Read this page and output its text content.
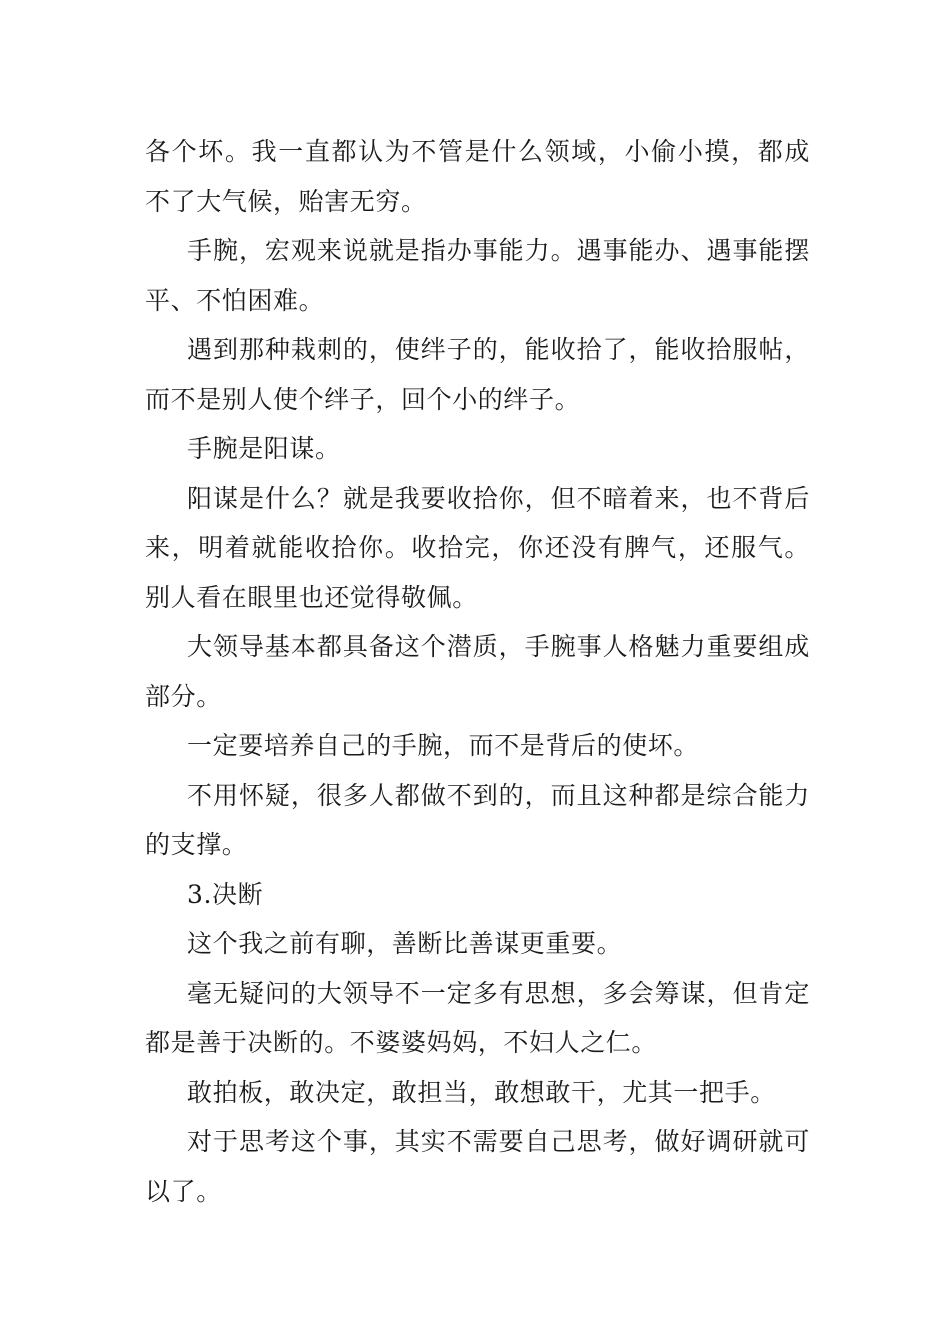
各个坏。我一直都认为不管是什么领域，小偷小摸，都成不了大气候，贻害无穷。

手腕，宏观来说就是指办事能力。遇事能办、遇事能摆平、不怕困难。

遇到那种栽刺的，使绊子的，能收拾了，能收拾服帖，而不是别人使个绊子，回个小的绊子。

手腕是阳谋。

阳谋是什么？就是我要收拾你，但不暗着来，也不背后来，明着就能收拾你。收拾完，你还没有脾气，还服气。别人看在眼里也还觉得敬佩。

大领导基本都具备这个潜质，手腕事人格魅力重要组成部分。

一定要培养自己的手腕，而不是背后的使坏。

不用怀疑，很多人都做不到的，而且这种都是综合能力的支撑。

3.决断

这个我之前有聊，善断比善谋更重要。

毫无疑问的大领导不一定多有思想，多会筹谋，但肯定都是善于决断的。不婆婆妈妈，不妇人之仁。

敢拍板，敢决定，敢担当，敢想敢干，尤其一把手。

对于思考这个事，其实不需要自己思考，做好调研就可以了。
